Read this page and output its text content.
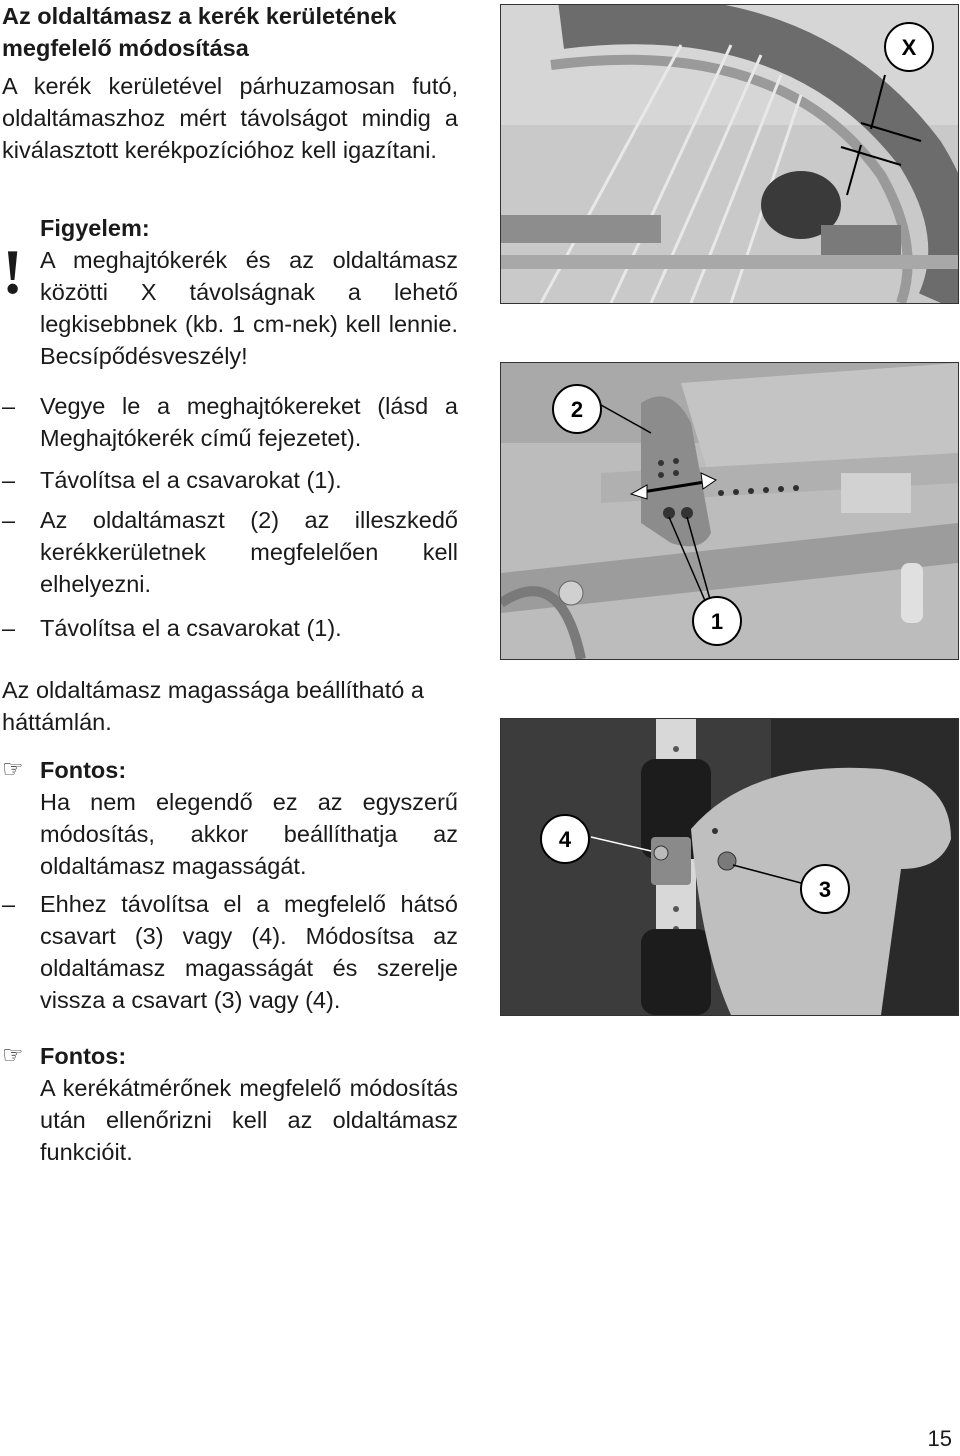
Az oldaltámasz a kerék kerületének megfelelő módosítása

A kerék kerületével párhuzamosan futó, oldaltámaszhoz mért távolságot mindig a kiválasztott kerékpozícióhoz kell igazítani.

!
Figyelem:
A meghajtókerék és az oldaltámasz közötti X távolságnak a lehető legkisebbnek (kb. 1 cm-nek) kell lennie. Becsípődésveszély!
– Vegye le a meghajtókereket (lásd a Meghajtókerék című fejezetet).
– Távolítsa el a csavarokat (1).
– Az oldaltámaszt (2) az illeszkedő kerékkerületnek megfelelően kell elhelyezni.
– Távolítsa el a csavarokat (1).

Az oldaltámasz magassága beállítható a háttámlán.

☞ Fontos:
Ha nem elegendő ez az egyszerű módosítás, akkor beállíthatja az oldaltámasz magasságát.
– Ehhez távolítsa el a megfelelő hátsó csavart (3) vagy (4). Módosítsa az oldaltámasz magasságát és szerelje vissza a csavart (3) vagy (4).
☞ Fontos:
A kerékátmérőnek megfelelő módosítás után ellenőrizni kell az oldaltámasz funkcióit.
X
2
1
4
3
15
